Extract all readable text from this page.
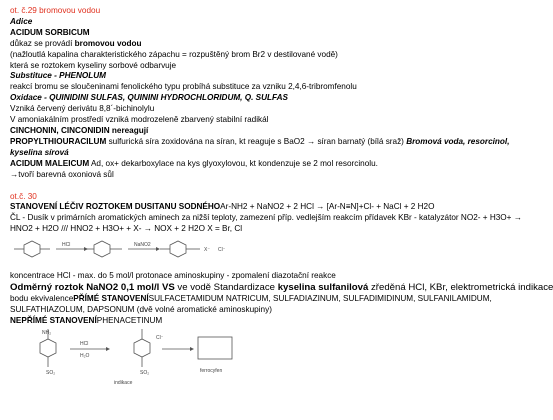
ot. č.29 bromovou vodou
Adice
ACIDUM SORBICUM
důkaz se provádí bromovou vodou
(nažloutlá kapalina charakteristického zápachu = rozpuštěný brom Br2 v destilované vodě)
která se roztokem kyseliny sorbové odbarvuje
Substituce - PHENOLUM
reakcí bromu se sloučeninami fenolického typu probíhá substituce za vzniku 2,4,6-tribromfenolu
Oxidace - QUINIDINI SULFAS, QUININI HYDROCHLORIDUM, Q. SULFAS
Vzniká červený derivátu 8,8´-bichinolylu
V amoniakálním prostředí vzniká modrozeleně zbarvený stabilní radikál
CINCHONIN, CINCONIDIN nereagují
PROPYLTHIOURACILUM sulfurická síra zoxidována na síran, kt reaguje s BaO2 → síran barnatý (bílá sraž) Bromová voda, resorcinol,
kyselina sírová
ACIDUM MALEICUM Ad, ox+ dekarboxylace na kys glyoxylovou, kt kondenzuje se 2 mol resorcinolu.
→tvoří barevná oxoniová sůl
ot.č. 30
STANOVENÍ LÉČIV ROZTOKEM DUSITANU SODNÉHOAr-NH2 + NaNO2 + 2 HCl → [Ar-N≡N]+Cl- + NaCl + 2 H2O
ČL - Dusík v primárních aromatických aminech za nižší teploty, zamezení příp. vedlejším reakcím přídavek KBr - katalyzátor NO2- + H3O+ →
HNO2 + H2O /// HNO2 + H3O+ + X- → NOX + 2 H2O X = Br, Cl
HCl	NaNO2
X⁻ Cl⁻
koncentrace HCl - max. do 5 mol/l protonace aminoskupiny - zpomalení diazotační reakce
Odměrný roztok NaNO2 0,1 mol/l VS ve vodě Standardizace kyselina sulfanilová zředěná HCl, KBr, elektrometrická indikace
bodu ekvivalencePŘÍMÉ STANOVENÍSULFACETAMIDUM NATRICUM, SULFADIAZINUM, SULFADIMIDINUM, SULFANILAMIDUM,
SULFATHIAZOLUM, DAPSONUM (dvě volné aromatické aminoskupiny)
NEPŘÍMÉ STANOVENÍPHENACETINUM
SO₂	SO₂
NH₂
Cl⁻
HCl
H₂O
indikace
ferrocyfen
